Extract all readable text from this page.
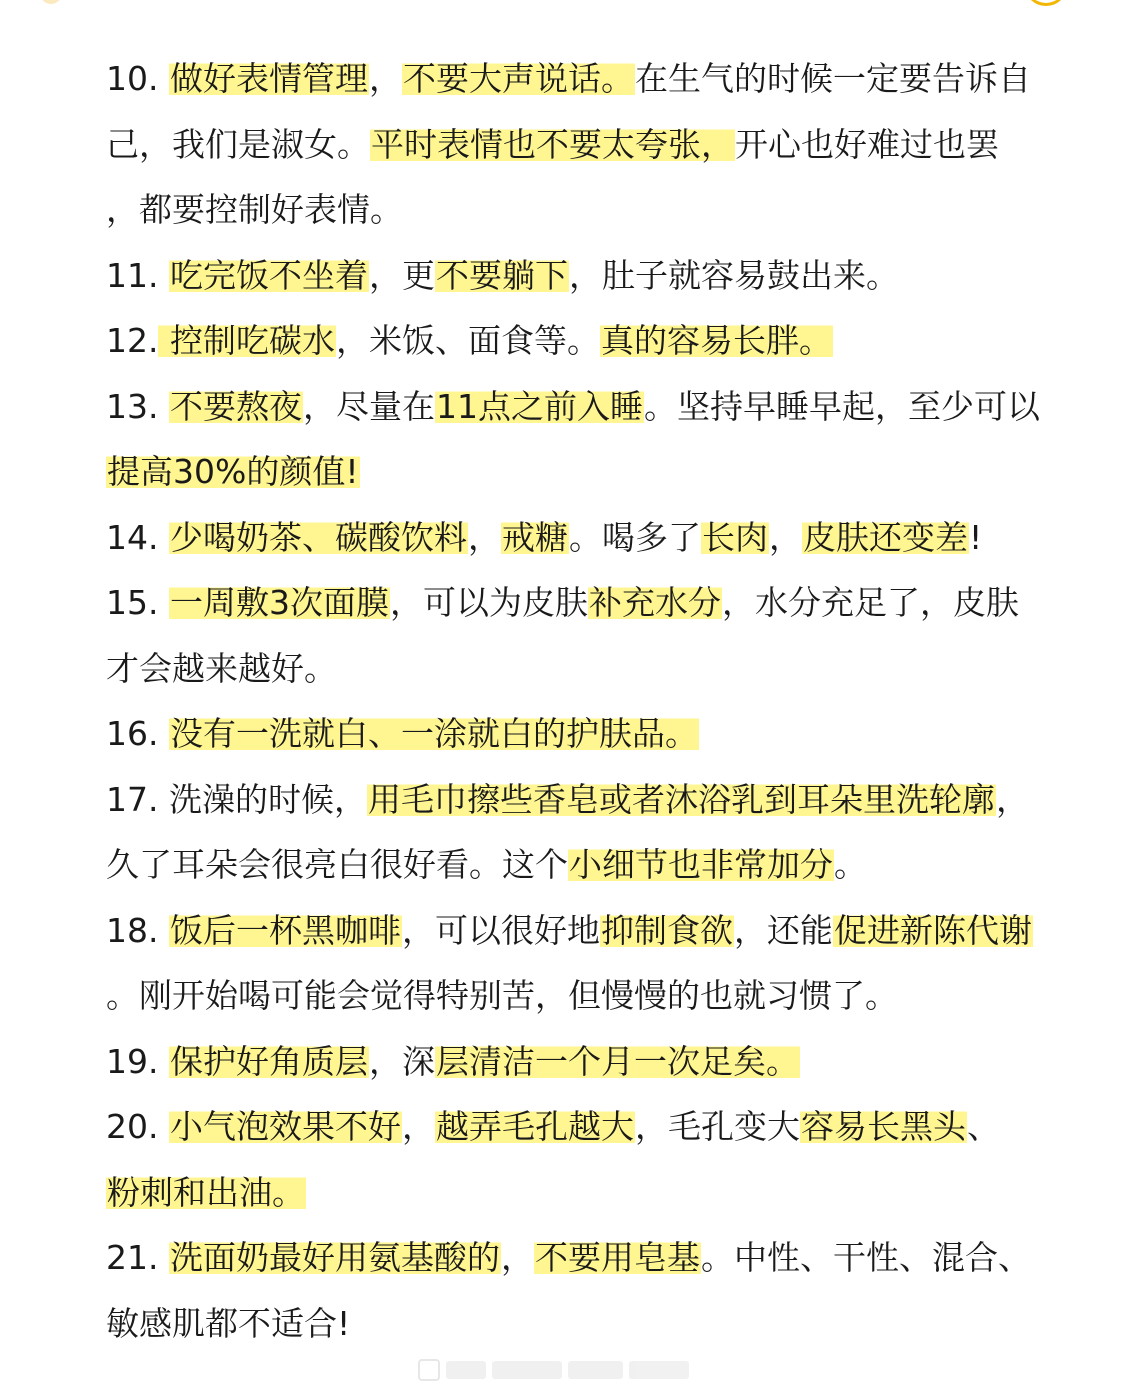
10. 做好表情管理，不要大声说话。在生气的时候一定要告诉自
己，我们是淑女。平时表情也不要太夸张，开心也好难过也罢
，都要控制好表情。
11. 吃完饭不坐着，更不要躺下，肚子就容易鼓出来。
12. 控制吃碳水，米饭、面食等。真的容易长胖。
13. 不要熬夜，尽量在11点之前入睡。坚持早睡早起，至少可以
提高30%的颜值!
14. 少喝奶茶、碳酸饮料，戒糖。喝多了长肉，皮肤还变差!
15. 一周敷3次面膜，可以为皮肤补充水分，水分充足了，皮肤
才会越来越好。
16. 没有一洗就白、一涂就白的护肤品。
17. 洗澡的时候，用毛巾擦些香皂或者沐浴乳到耳朵里洗轮廓，
久了耳朵会很亮白很好看。这个小细节也非常加分。
18. 饭后一杯黑咖啡，可以很好地抑制食欲，还能促进新陈代谢
。刚开始喝可能会觉得特别苦，但慢慢的也就习惯了。
19. 保护好角质层，深层清洁一个月一次足矣。
20. 小气泡效果不好，越弄毛孔越大，毛孔变大容易长黑头、
粉刺和出油。
21. 洗面奶最好用氨基酸的，不要用皂基。中性、干性、混合、
敏感肌都不适合!
